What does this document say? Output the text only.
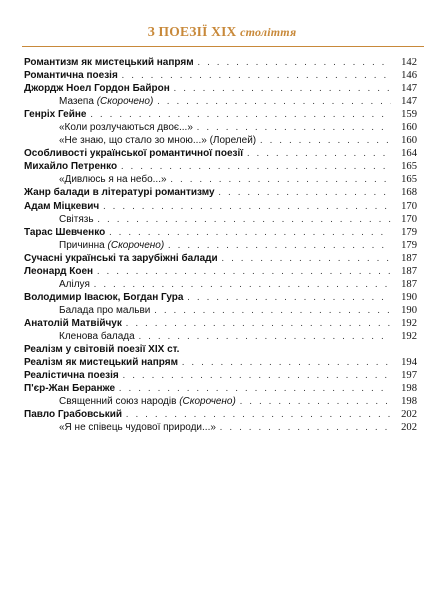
З ПОЕЗІЇ XIX століття
Романтизм як мистецький напрям . . .	142
Романтична поезія . . .	146
Джордж Ноел Гордон Байрон . . .	147
Мазепа (Скорочено) . . .	147
Генріх Гейне . . .	159
«Коли розлучаються двоє...» . . .	160
«Не знаю, що стало зо мною...» (Лорелей) . . .	160
Особливості української романтичної поезії . . .	164
Михайло Петренко . . .	165
«Дивлюсь я на небо...» . . .	165
Жанр балади в літературі романтизму . . .	168
Адам Міцкевич . . .	170
Світязь . . .	170
Тарас Шевченко . . .	179
Причинна (Скорочено) . . .	179
Сучасні українські та зарубіжні балади . . .	187
Леонард Коен . . .	187
Алілуя . . .	187
Володимир Івасюк, Богдан Гура . . .	190
Балада про мальви . . .	190
Анатолій Матвійчук . . .	192
Кленова балада . . .	192
Реалізм у світовій поезії XIX ст.
Реалізм як мистецький напрям . . .	194
Реалістична поезія . . .	197
П'єр-Жан Беранже . . .	198
Священний союз народів (Скорочено) . . .	198
Павло Грабовський . . .	202
«Я не співець чудової природи...» . . .	202
